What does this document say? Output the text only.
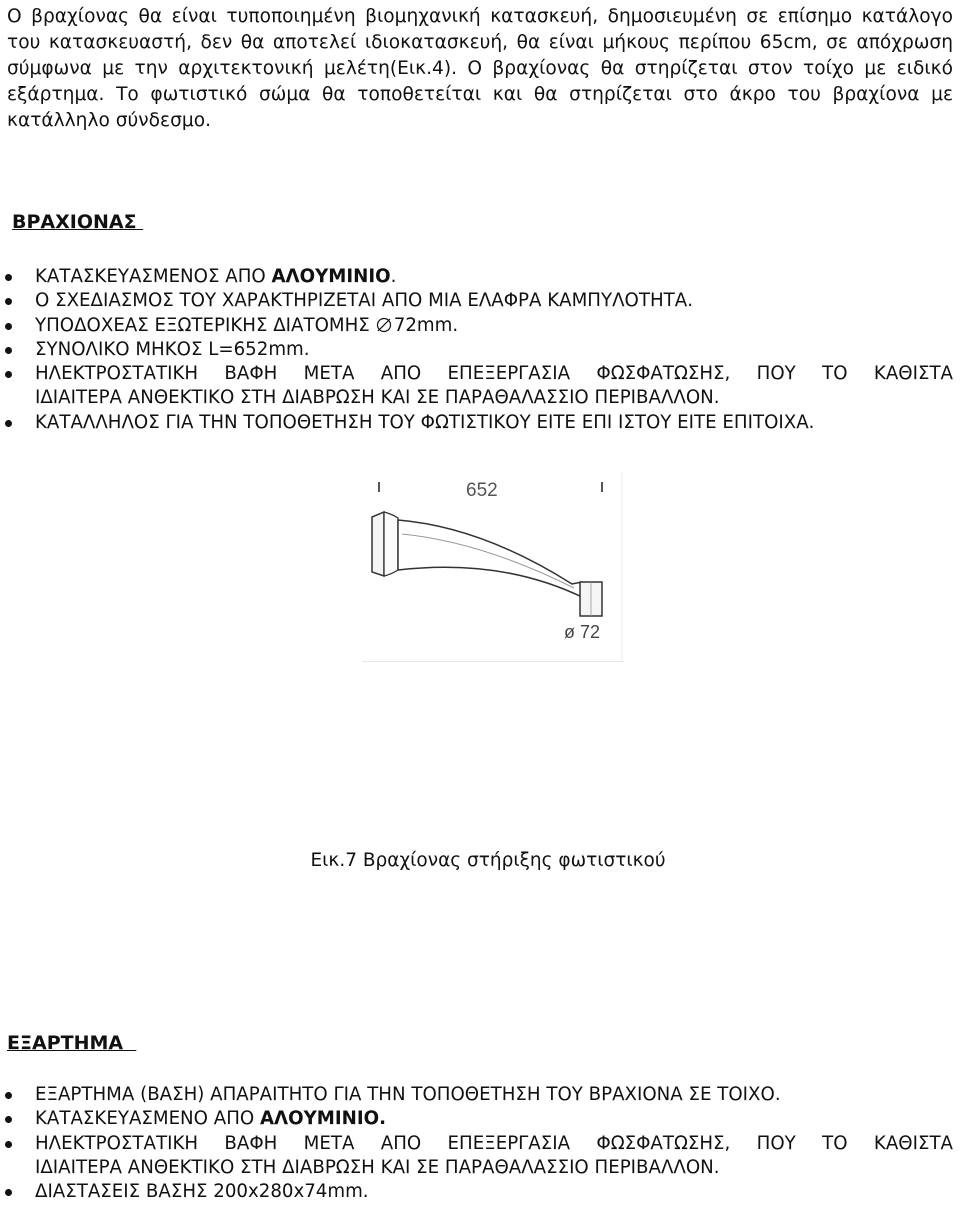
Ο βραχίονας θα είναι τυποποιημένη βιομηχανική κατασκευή, δημοσιευμένη σε επίσημο κατάλογο του κατασκευαστή, δεν θα αποτελεί ιδιοκατασκευή, θα είναι μήκους περίπου 65cm, σε απόχρωση σύμφωνα με την αρχιτεκτονική μελέτη(Εικ.4). Ο βραχίονας θα στηρίζεται στον τοίχο με ειδικό εξάρτημα. Το φωτιστικό σώμα θα τοποθετείται και θα στηρίζεται στο άκρο του βραχίονα με κατάλληλο σύνδεσμο.

ΒΡΑΧΙΟΝΑΣ

ΚΑΤΑΣΚΕΥΑΣΜΕΝΟΣ ΑΠΟ ΑΛΟΥΜΙΝΙΟ.
Ο ΣΧΕΔΙΑΣΜΟΣ ΤΟΥ ΧΑΡΑΚΤΗΡΙΖΕΤΑΙ ΑΠΟ ΜΙΑ ΕΛΑΦΡΑ ΚΑΜΠΥΛΟΤΗΤΑ.
ΥΠΟΔΟΧΕΑΣ ΕΞΩΤΕΡΙΚΗΣ ΔΙΑΤΟΜΗΣ 72mm.
ΣΥΝΟΛΙΚΟ ΜΗΚΟΣ L=652mm.
ΗΛΕΚΤΡΟΣΤΑΤΙΚΗ ΒΑΦΗ ΜΕΤΑ ΑΠΟ ΕΠΕΞΕΡΓΑΣΙΑ ΦΩΣΦΑΤΩΣΗΣ, ΠΟΥ ΤΟ ΚΑΘΙΣΤΑ
ΙΔΙΑΙΤΕΡΑ ΑΝΘΕΚΤΙΚΟ ΣΤΗ ΔΙΑΒΡΩΣΗ ΚΑΙ ΣΕ ΠΑΡΑΘΑΛΑΣΣΙΟ ΠΕΡΙΒΑΛΛΟΝ.
ΚΑΤΑΛΛΗΛΟΣ ΓΙΑ ΤΗΝ ΤΟΠΟΘΕΤΗΣΗ ΤΟΥ ΦΩΤΙΣΤΙΚΟΥ ΕΙΤΕ ΕΠΙ ΙΣΤΟΥ ΕΙΤΕ ΕΠΙΤΟΙΧΑ.
652
ø 72
Εικ.7 Βραχίονας στήριξης φωτιστικού

ΕΞΑΡΤΗΜΑ

ΕΞΑΡΤΗΜΑ (ΒΑΣΗ) ΑΠΑΡΑΙΤΗΤΟ ΓΙΑ ΤΗΝ ΤΟΠΟΘΕΤΗΣΗ ΤΟΥ ΒΡΑΧΙΟΝΑ ΣΕ ΤΟΙΧΟ.
ΚΑΤΑΣΚΕΥΑΣΜΕΝΟ ΑΠΟ ΑΛΟΥΜΙΝΙΟ.
ΗΛΕΚΤΡΟΣΤΑΤΙΚΗ ΒΑΦΗ ΜΕΤΑ ΑΠΟ ΕΠΕΞΕΡΓΑΣΙΑ ΦΩΣΦΑΤΩΣΗΣ, ΠΟΥ ΤΟ ΚΑΘΙΣΤΑ
ΙΔΙΑΙΤΕΡΑ ΑΝΘΕΚΤΙΚΟ ΣΤΗ ΔΙΑΒΡΩΣΗ ΚΑΙ ΣΕ ΠΑΡΑΘΑΛΑΣΣΙΟ ΠΕΡΙΒΑΛΛΟΝ.
ΔΙΑΣΤΑΣΕΙΣ ΒΑΣΗΣ 200x280x74mm.
